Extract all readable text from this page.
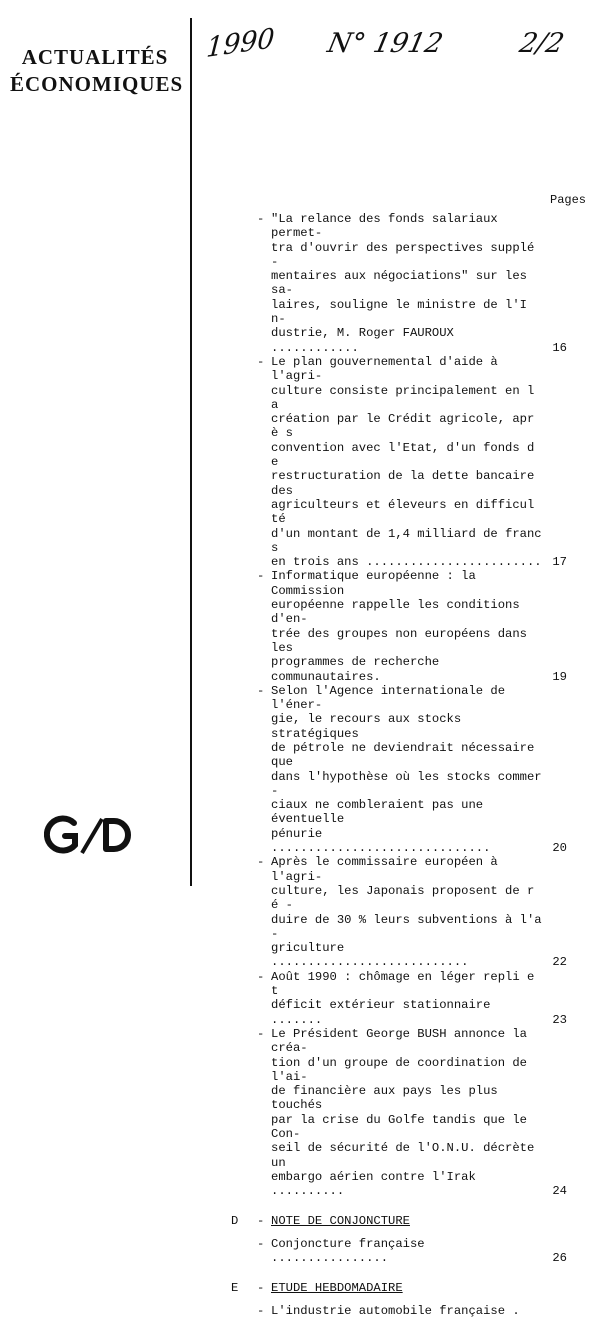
ACTUALITÉS
ÉCONOMIQUES
1990 N° 1912	2/2
Pages
- "La relance des fonds salariaux permet-
tra d'ouvrir des perspectives supplé -
mentaires aux négociations" sur les sa-
laires, souligne le ministre de l'I n-
dustrie, M. Roger FAUROUX ............	16
- Le plan gouvernemental d'aide à l'agri-
culture consiste principalement en l a
création par le Crédit agricole, apr è s
convention avec l'Etat, d'un fonds d e
restructuration de la dette bancaire des
agriculteurs et éleveurs en difficul té
d'un montant de 1,4 milliard de franc s
en trois ans ........................ 17
- Informatique européenne : la Commission
européenne rappelle les conditions d'en-
trée des groupes non européens dans les
programmes de recherche communautaires.	19
- Selon l'Agence internationale de l'éner-
gie, le recours aux stocks stratégiques
de pétrole ne deviendrait nécessaire que
dans l'hypothèse où les stocks commer -
ciaux ne combleraient pas une éventuelle
pénurie ..............................	20
- Après le commissaire européen à l'agri-
culture, les Japonais proposent de r é -
duire de 30 % leurs subventions à l'a -
griculture ...........................	22
- Août 1990 : chômage en léger repli e t
déficit extérieur stationnaire .......	23
- Le Président George BUSH annonce la créa-
tion d'un groupe de coordination de l'ai-
de financière aux pays les plus touchés
par la crise du Golfe tandis que le Con-
seil de sécurité de l'O.N.U. décrète un
embargo aérien contre l'Irak ..........	24
D - NOTE DE CONJONCTURE
- Conjoncture française ................	26
E - ETUDE HEBDOMADAIRE
- L'industrie automobile française .
